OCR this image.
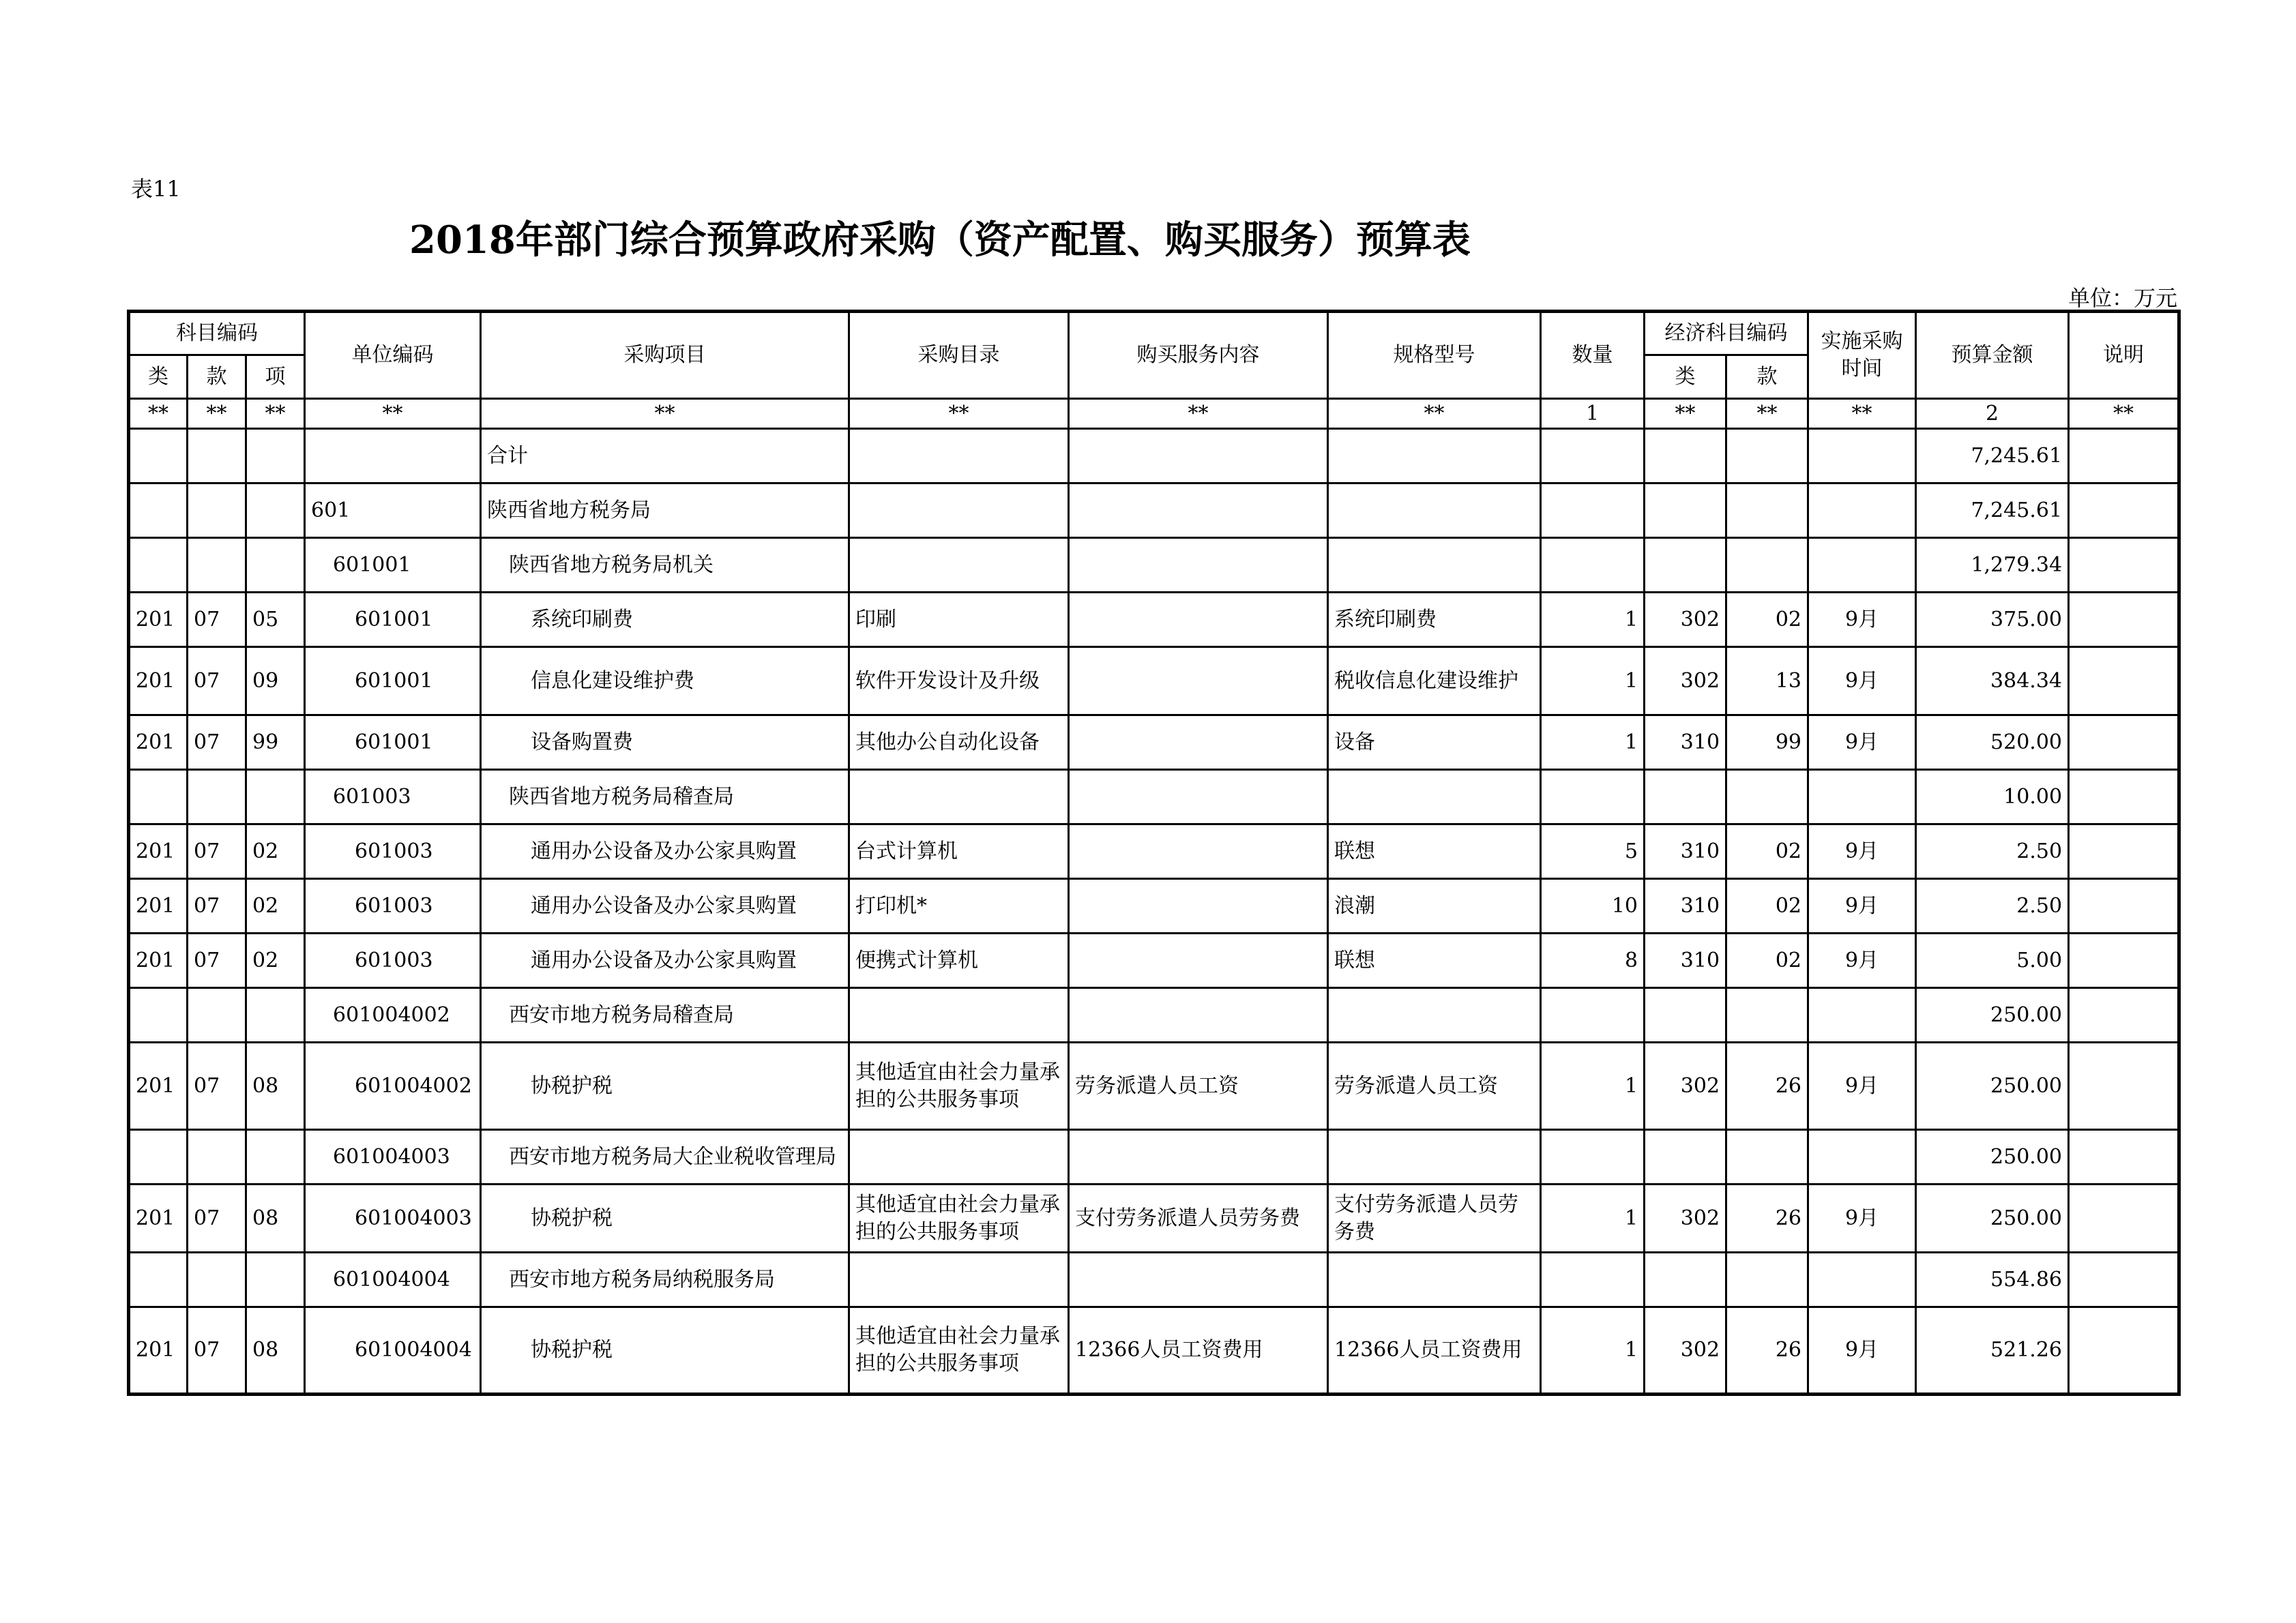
表11
2018年部门综合预算政府采购（资产配置、购买服务）预算表
单位：万元
科目编码			单位编码	采购项目	采购目录	购买服务内容	规格型号	数量	经济科目编码		实施采购时间	预算金额	说明
类	款	项							类	款			
**	**	**	**	**	**	**	**	1	**	**	**	2	**
				合计								7,245.61	
			601	陕西省地方税务局								7,245.61	
			601001	陕西省地方税务局机关								1,279.34	
201	07	05	601001	系统印刷费	印刷		系统印刷费	1	302	02	9月	375.00	
201	07	09	601001	信息化建设维护费	软件开发设计及升级		税收信息化建设维护	1	302	13	9月	384.34	
201	07	99	601001	设备购置费	其他办公自动化设备		设备	1	310	99	9月	520.00	
			601003	陕西省地方税务局稽查局								10.00	
201	07	02	601003	通用办公设备及办公家具购置	台式计算机		联想	5	310	02	9月	2.50	
201	07	02	601003	通用办公设备及办公家具购置	打印机*		浪潮	10	310	02	9月	2.50	
201	07	02	601003	通用办公设备及办公家具购置	便携式计算机		联想	8	310	02	9月	5.00	
			601004002	西安市地方税务局稽查局								250.00	
201	07	08	601004002	协税护税	其他适宜由社会力量承担的公共服务事项	劳务派遣人员工资	劳务派遣人员工资	1	302	26	9月	250.00	
			601004003	西安市地方税务局大企业税收管理局								250.00	
201	07	08	601004003	协税护税	其他适宜由社会力量承担的公共服务事项	支付劳务派遣人员劳务费	支付劳务派遣人员劳务费	1	302	26	9月	250.00	
			601004004	西安市地方税务局纳税服务局								554.86	
201	07	08	601004004	协税护税	其他适宜由社会力量承担的公共服务事项	12366人员工资费用	12366人员工资费用	1	302	26	9月	521.26	
